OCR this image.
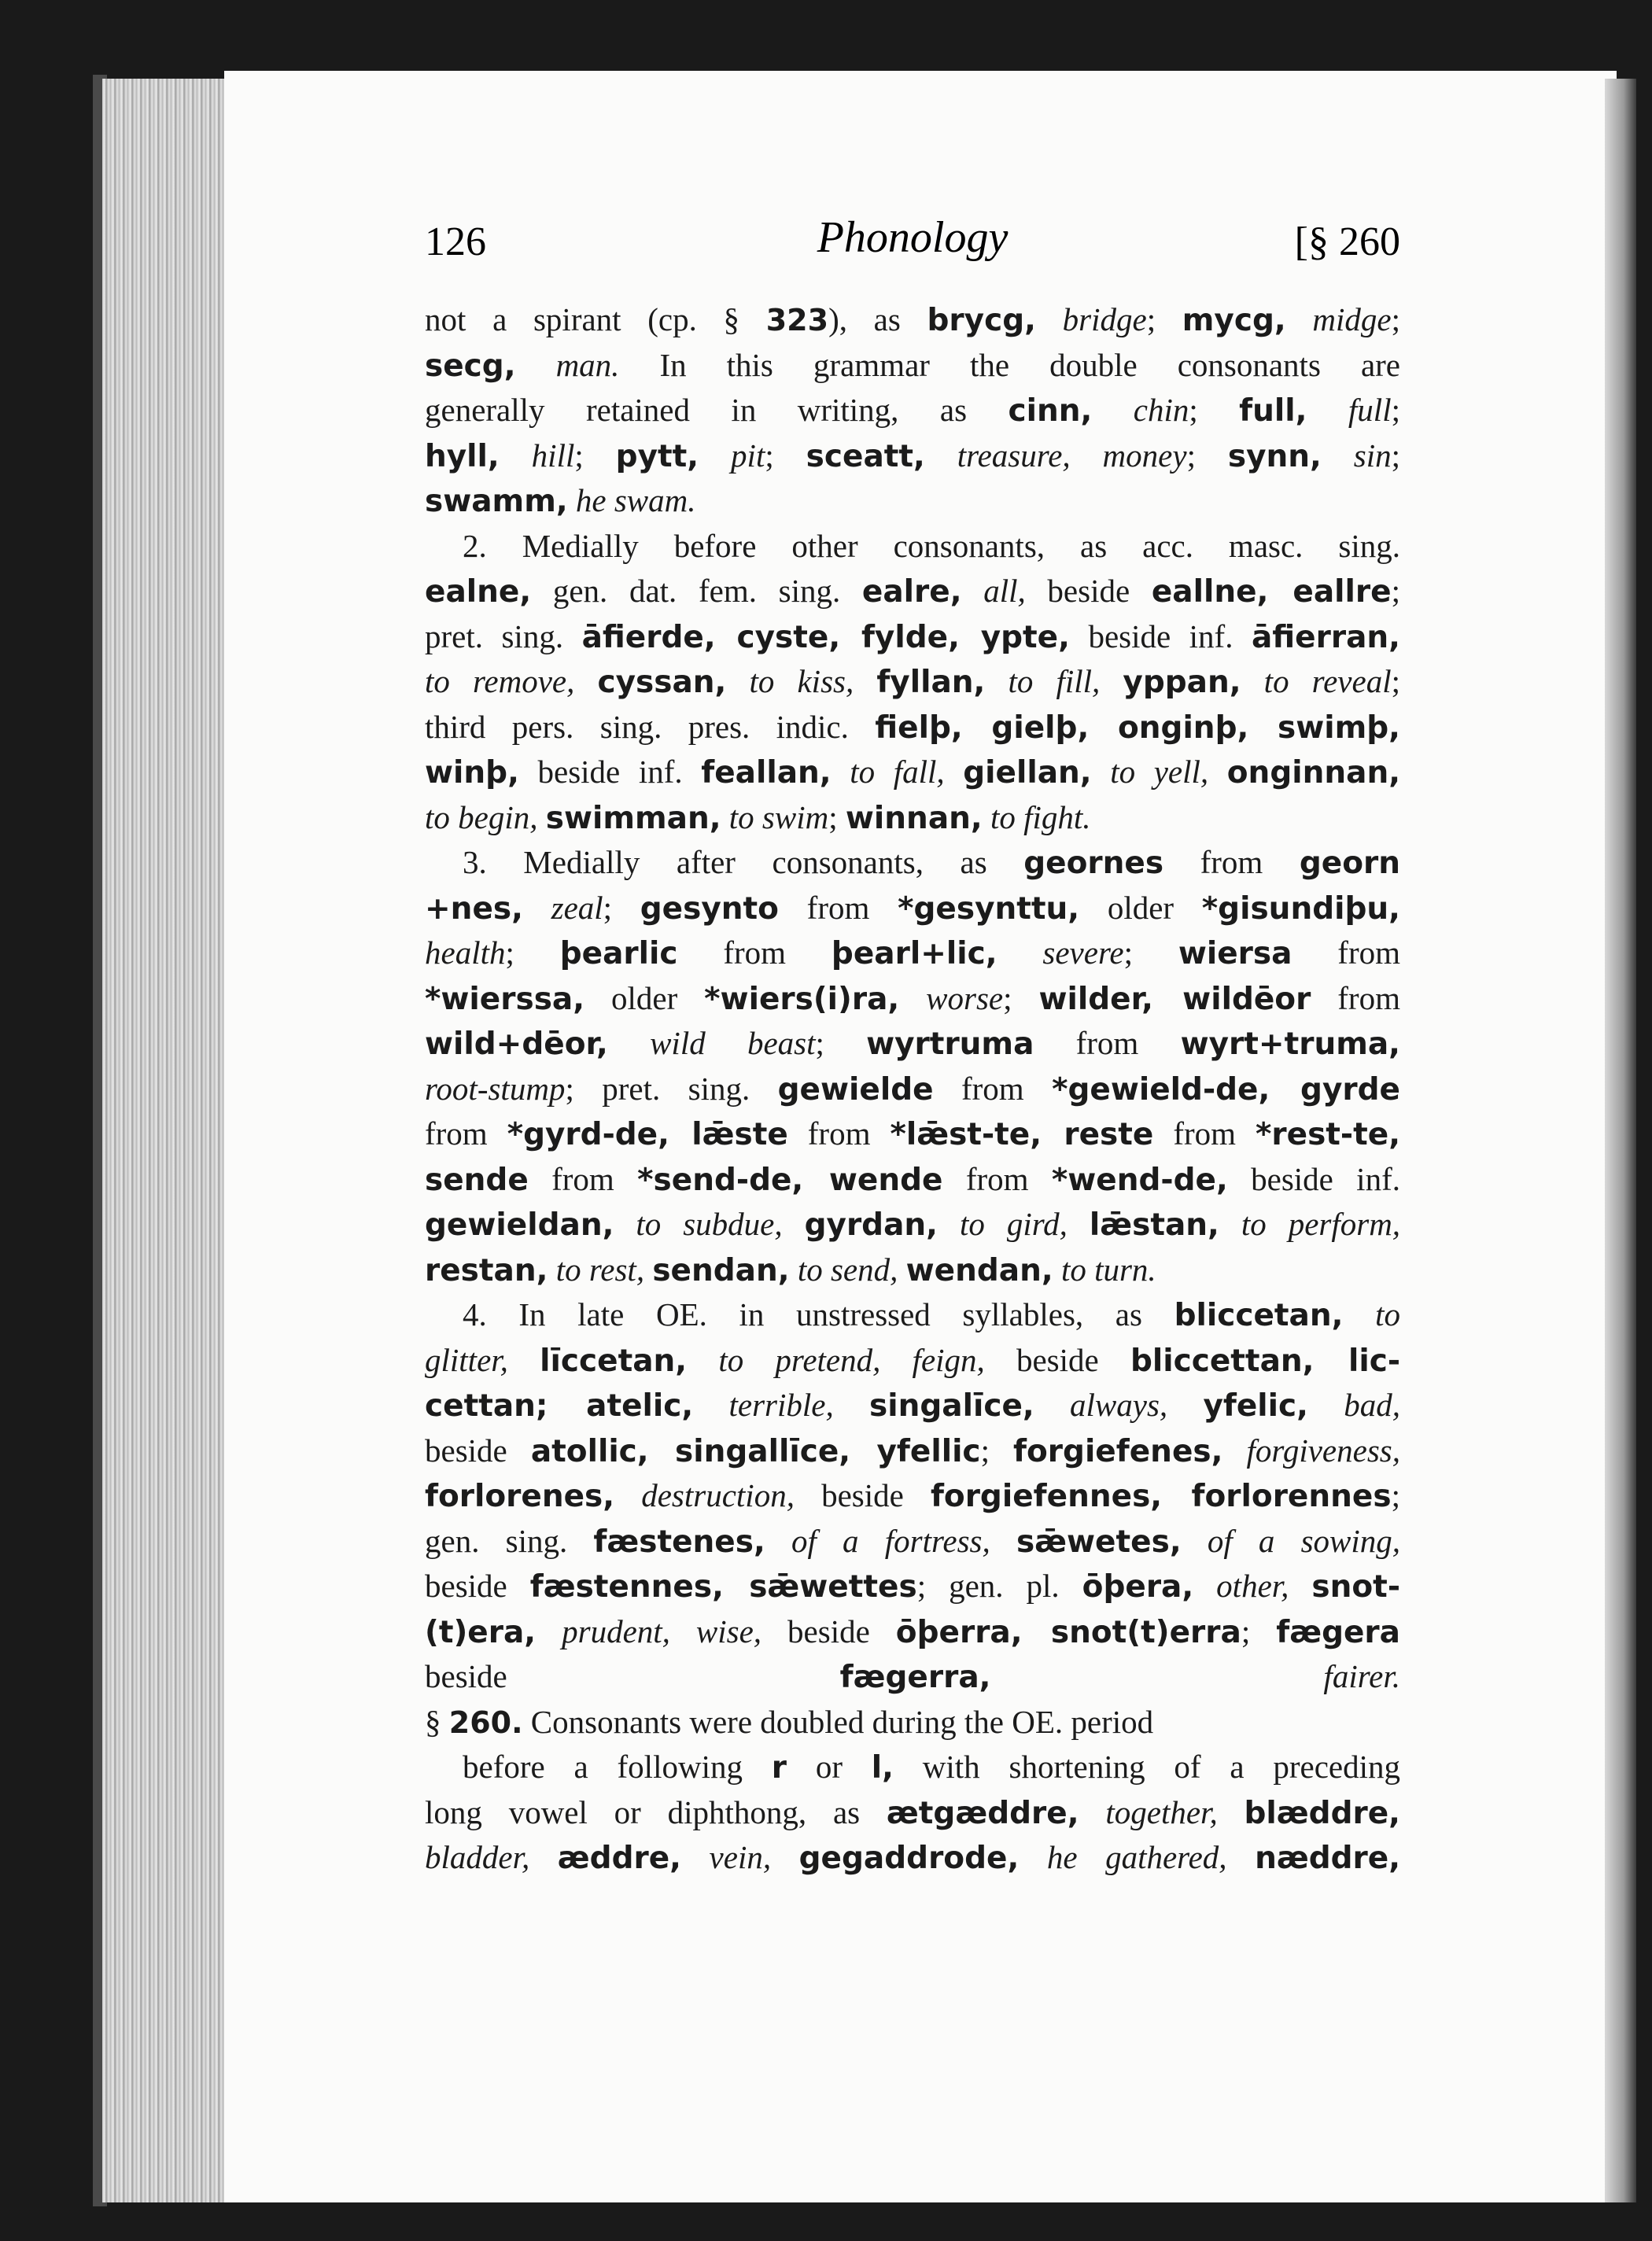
126	Phonology	[§ 260
not a spirant (cp. § 323), as brycg, bridge; mycg, midge;
secg, man. In this grammar the double consonants are
generally retained in writing, as cinn, chin; full, full;
hyll, hill; pytt, pit; sceatt, treasure, money; synn, sin;
swamm, he swam.
2. Medially before other consonants, as acc. masc. sing.
ealne, gen. dat. fem. sing. ealre, all, beside eallne, eallre;
pret. sing. āfierde, cyste, fylde, ypte, beside inf. āfierran,
to remove, cyssan, to kiss, fyllan, to fill, yppan, to reveal;
third pers. sing. pres. indic. fielþ, gielþ, onginþ, swimþ,
winþ, beside inf. feallan, to fall, giellan, to yell, onginnan,
to begin, swimman, to swim; winnan, to fight.
3. Medially after consonants, as geornes from georn
+nes, zeal; gesynto from *gesynttu, older *gisundiþu,
health; þearlic from þearl+lic, severe; wiersa from
*wierssa, older *wiers(i)ra, worse; wilder, wildēor from
wild+dēor, wild beast; wyrtruma from wyrt+truma,
root-stump; pret. sing. gewielde from *gewield-de, gyrde
from *gyrd-de, lǣste from *lǣst-te, reste from *rest-te,
sende from *send-de, wende from *wend-de, beside inf.
gewieldan, to subdue, gyrdan, to gird, lǣstan, to perform,
restan, to rest, sendan, to send, wendan, to turn.
4. In late OE. in unstressed syllables, as bliccetan, to
glitter, līccetan, to pretend, feign, beside bliccettan, lic-
cettan; atelic, terrible, singalīce, always, yfelic, bad,
beside atollic, singallīce, yfellic; forgiefenes, forgiveness,
forlorenes, destruction, beside forgiefennes, forlorennes;
gen. sing. fæstenes, of a fortress, sǣwetes, of a sowing,
beside fæstennes, sǣwettes; gen. pl. ōþera, other, snot-
(t)era, prudent, wise, beside ōþerra, snot(t)erra; fægera
beside fægerra,	fairer.
§ 260. Consonants were doubled during the OE. period
before a following r or l, with shortening of a preceding
long vowel or diphthong, as ætgæddre, together, blæddre,
bladder, æddre, vein, gegaddrode, he gathered, næddre,
